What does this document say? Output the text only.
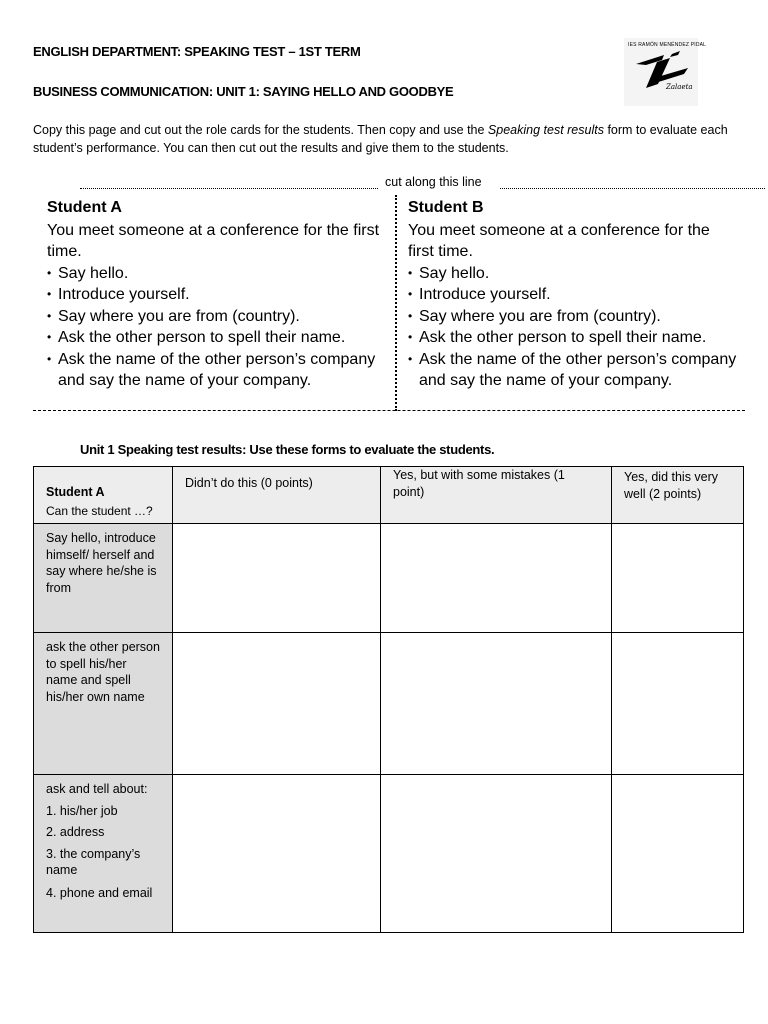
ENGLISH DEPARTMENT: SPEAKING TEST – 1ST TERM
BUSINESS COMMUNICATION: UNIT 1: SAYING HELLO AND GOODBYE
IES RAMÓN MENÉNDEZ PIDAL
Zalaeta

Copy this page and cut out the role cards for the students. Then copy and use the Speaking test results form to evaluate each student’s performance. You can then cut out the results and give them to the students.

cut along this line
Student A
You meet someone at a conference for the first time.
• Say hello.
• Introduce yourself.
• Say where you are from (country).
• Ask the other person to spell their name.
• Ask the name of the other person’s company and say the name of your company.
Student B
You meet someone at a conference for the first time.
• Say hello.
• Introduce yourself.
• Say where you are from (country).
• Ask the other person to spell their name.
• Ask the name of the other person’s company and say the name of your company.
Unit 1 Speaking test results: Use these forms to evaluate the students.
Student A
Can the student …?	Didn’t do this (0 points)	Yes, but with some mistakes (1 point)	Yes, did this very well (2 points)
Say hello, introduce himself/ herself and say where he/she is from			
ask the other person to spell his/her name and spell his/her own name			

ask and tell about:
1. his/her job
2. address
3. the company’s name
4. phone and email			
